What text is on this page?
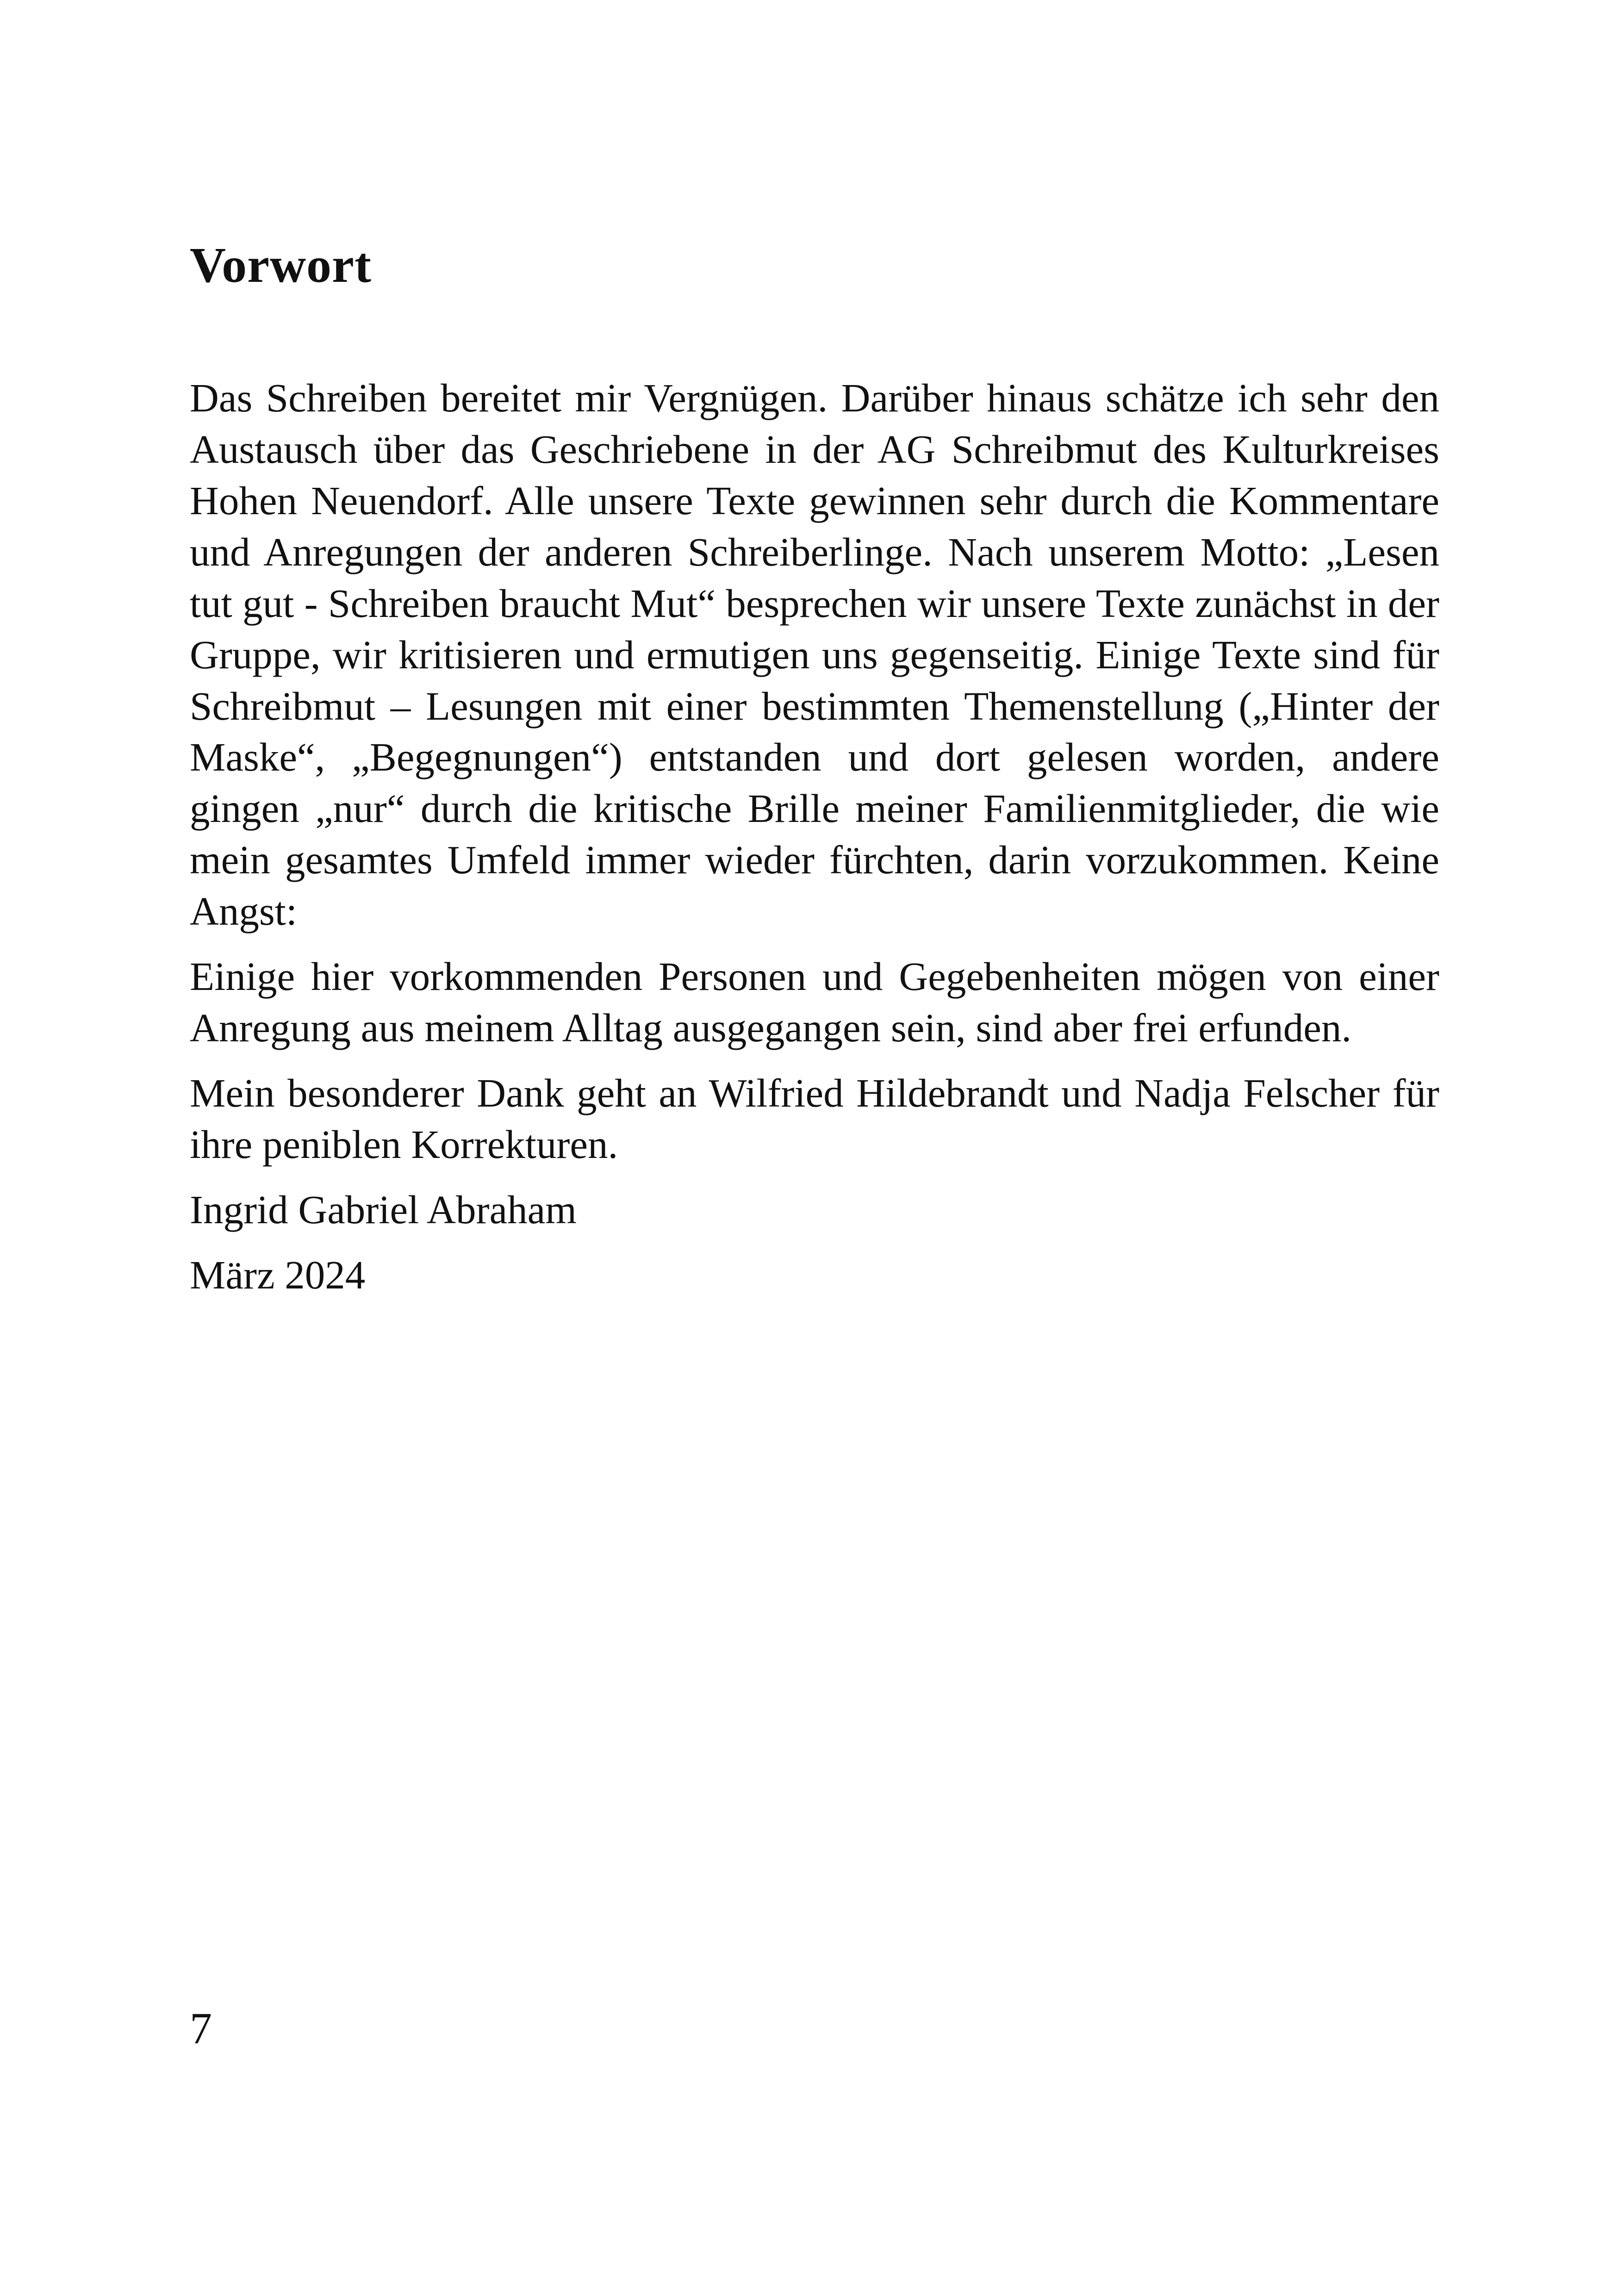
Vorwort

Das Schreiben bereitet mir Vergnügen. Darüber hinaus schätze ich sehr den Austausch über das Geschriebene in der AG Schreibmut des Kulturkreises Hohen Neuendorf. Alle unsere Texte gewinnen sehr durch die Kommentare und Anregungen der anderen Schreiberlinge. Nach unserem Motto: „Lesen tut gut - Schreiben braucht Mut“ besprechen wir unsere Texte zunächst in der Gruppe, wir kritisieren und ermutigen uns gegenseitig. Einige Texte sind für Schreibmut – Lesungen mit einer bestimmten Themenstellung („Hinter der Maske“, „Begegnungen“) entstanden und dort gelesen worden, andere gingen „nur“ durch die kritische Brille meiner Familienmitglieder, die wie mein gesamtes Umfeld immer wieder fürchten, darin vorzukommen. Keine Angst:

Einige hier vorkommenden Personen und Gegebenheiten mögen von einer Anregung aus meinem Alltag ausgegangen sein, sind aber frei erfunden.

Mein besonderer Dank geht an Wilfried Hildebrandt und Nadja Felscher für ihre peniblen Korrekturen.

Ingrid Gabriel Abraham

März 2024

7
